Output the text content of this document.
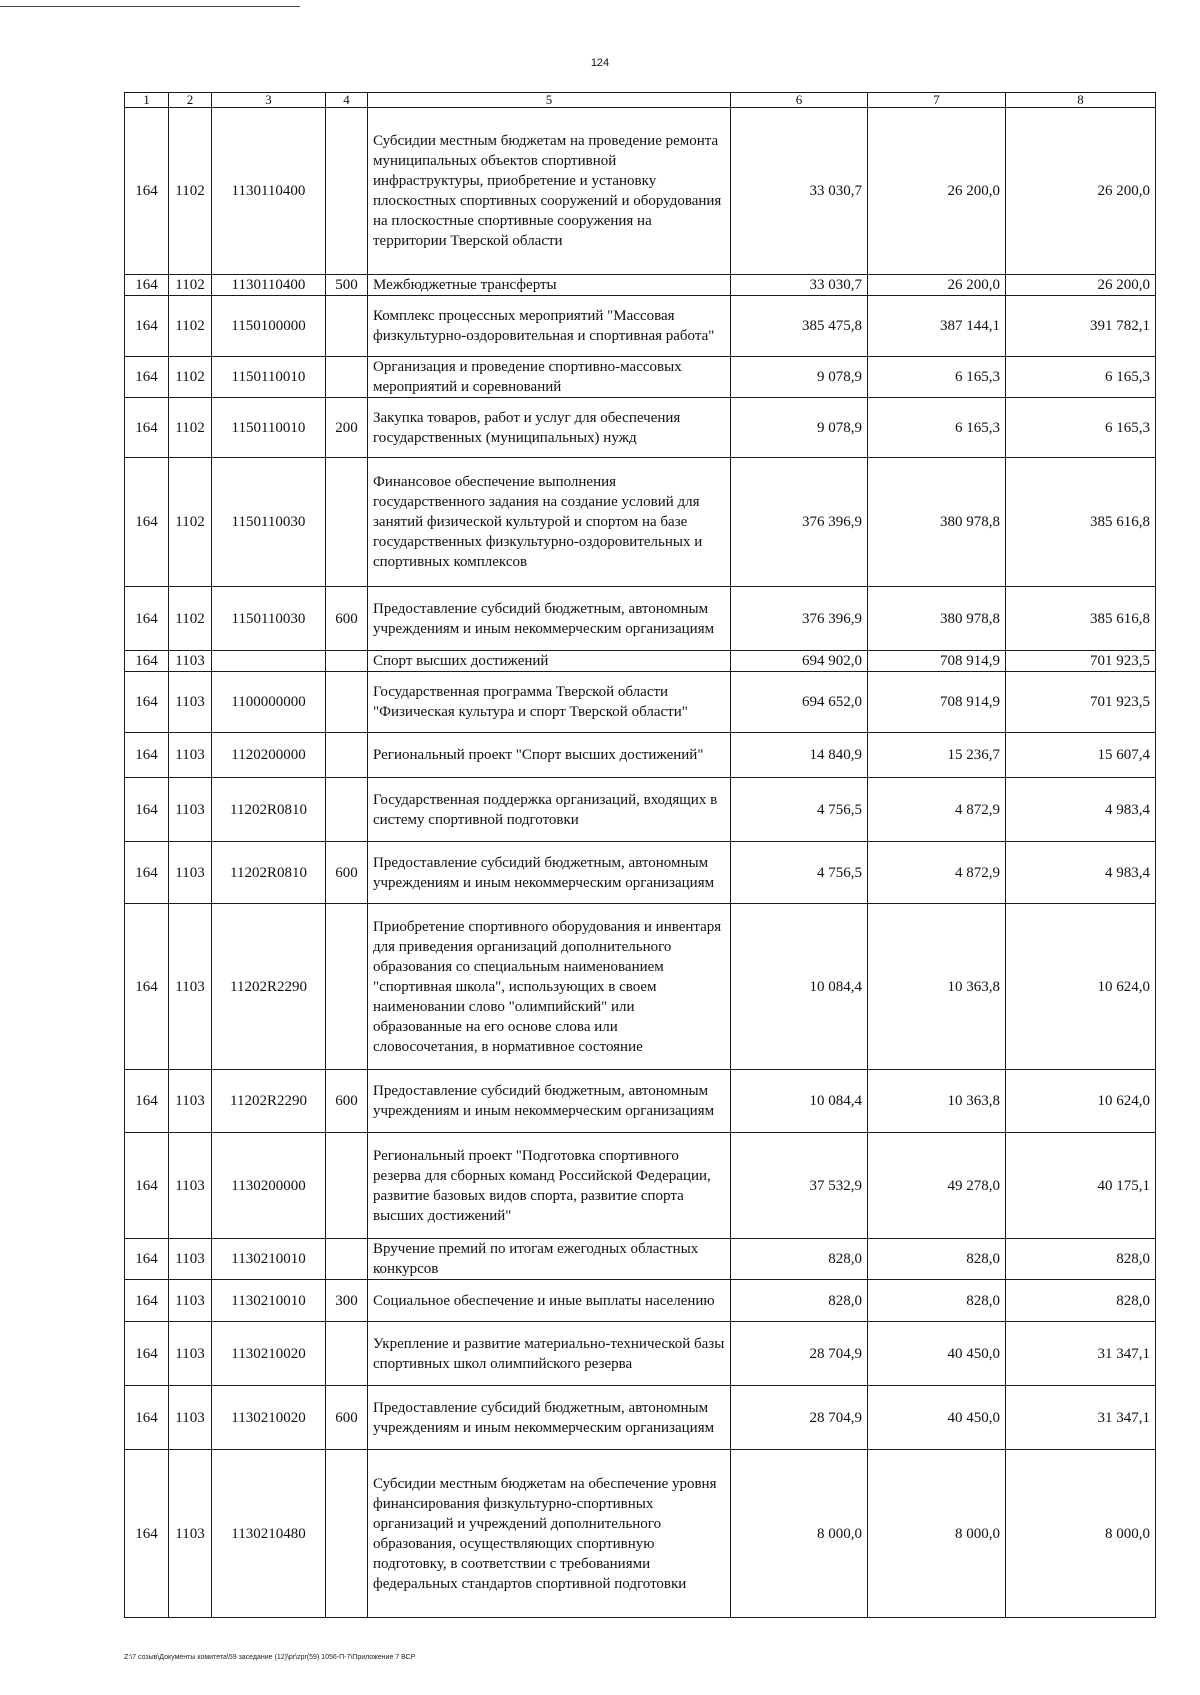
124
1	2	3	4	5	6	7	8
164	1102	1130110400		Субсидии местным бюджетам на проведение ремонта муниципальных объектов спортивной инфраструктуры, приобретение и установку плоскостных спортивных сооружений и оборудования на плоскостные спортивные сооружения на территории Тверской области	33 030,7	26 200,0	26 200,0
164	1102	1130110400	500	Межбюджетные трансферты	33 030,7	26 200,0	26 200,0
164	1102	1150100000		Комплекс процессных мероприятий "Массовая физкультурно-оздоровительная и спортивная работа"	385 475,8	387 144,1	391 782,1
164	1102	1150110010		Организация и проведение спортивно-массовых мероприятий и соревнований	9 078,9	6 165,3	6 165,3
164	1102	1150110010	200	Закупка товаров, работ и услуг для обеспечения государственных (муниципальных) нужд	9 078,9	6 165,3	6 165,3
164	1102	1150110030		Финансовое обеспечение выполнения государственного задания на создание условий для занятий физической культурой и спортом на базе государственных физкультурно-оздоровительных и спортивных комплексов	376 396,9	380 978,8	385 616,8
164	1102	1150110030	600	Предоставление субсидий бюджетным, автономным учреждениям и иным некоммерческим организациям	376 396,9	380 978,8	385 616,8
164	1103			Спорт высших достижений	694 902,0	708 914,9	701 923,5
164	1103	1100000000		Государственная программа Тверской области "Физическая культура и спорт Тверской области"	694 652,0	708 914,9	701 923,5
164	1103	1120200000		Региональный проект "Спорт высших достижений"	14 840,9	15 236,7	15 607,4
164	1103	11202R0810		Государственная поддержка организаций, входящих в систему спортивной подготовки	4 756,5	4 872,9	4 983,4
164	1103	11202R0810	600	Предоставление субсидий бюджетным, автономным учреждениям и иным некоммерческим организациям	4 756,5	4 872,9	4 983,4
164	1103	11202R2290		Приобретение спортивного оборудования и инвентаря для приведения организаций дополнительного образования со специальным наименованием "спортивная школа", использующих в своем наименовании слово "олимпийский" или образованные на его основе слова или словосочетания, в нормативное состояние	10 084,4	10 363,8	10 624,0
164	1103	11202R2290	600	Предоставление субсидий бюджетным, автономным учреждениям и иным некоммерческим организациям	10 084,4	10 363,8	10 624,0
164	1103	1130200000		Региональный проект "Подготовка спортивного резерва для сборных команд Российской Федерации, развитие базовых видов спорта, развитие спорта высших достижений"	37 532,9	49 278,0	40 175,1
164	1103	1130210010		Вручение премий по итогам ежегодных областных конкурсов	828,0	828,0	828,0
164	1103	1130210010	300	Социальное обеспечение и иные выплаты населению	828,0	828,0	828,0
164	1103	1130210020		Укрепление и развитие материально-технической базы спортивных школ олимпийского резерва	28 704,9	40 450,0	31 347,1
164	1103	1130210020	600	Предоставление субсидий бюджетным, автономным учреждениям и иным некоммерческим организациям	28 704,9	40 450,0	31 347,1
164	1103	1130210480		Субсидии местным бюджетам на обеспечение уровня финансирования физкультурно-спортивных организаций и учреждений дополнительного образования, осуществляющих спортивную подготовку, в соответствии с требованиями федеральных стандартов спортивной подготовки	8 000,0	8 000,0	8 000,0
Z:\7 созыв\Документы комитета\59 заседание (12)\pr\zpr(59) 1056-П-7\Приложение 7 ВСР
